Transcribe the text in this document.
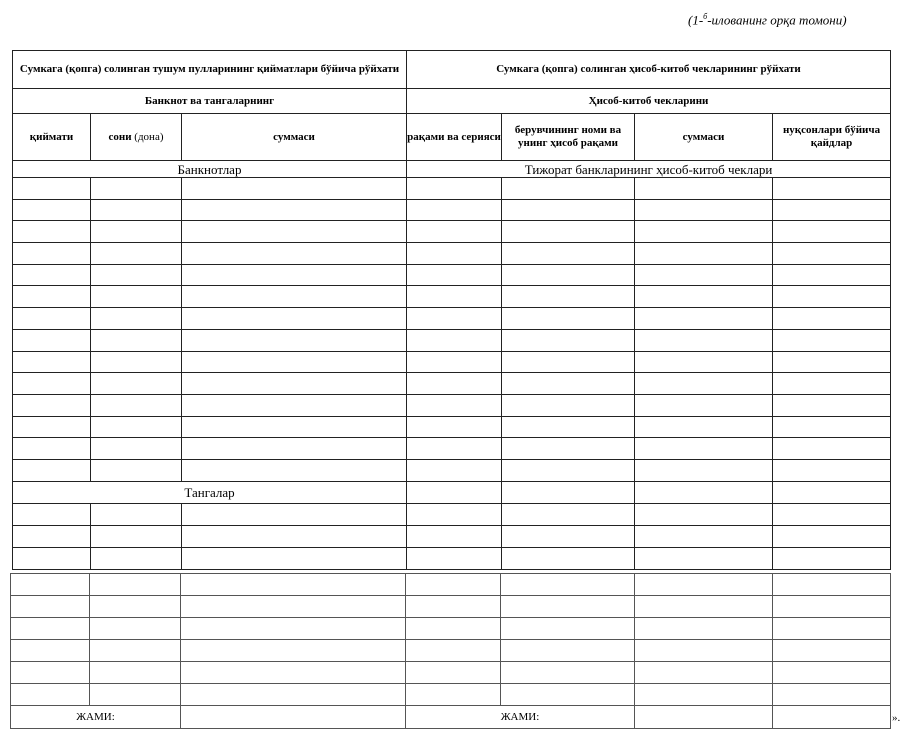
(1-$^б$-иловaнинг орқа томони)
Сумкага (қопга) солинган тушум пулларининг қийматлари бўйича рўйхати			Сумкага (қопга) солинган ҳисоб-китоб чекларининг рўйхати			
Банкнот ва тангаларнинг			Ҳисоб-китоб чекларини			
қиймати	сони (дона)	суммаси	рақами ва серияси	берувчининг номи ва унинг ҳисоб рақами	суммаси	нуқсонлари бўйича қайдлар
Банкнотлар			Тижорат банкларининг ҳисоб-китоб чеклари			

Тангалар						

ЖАМИ:			ЖАМИ:				».
